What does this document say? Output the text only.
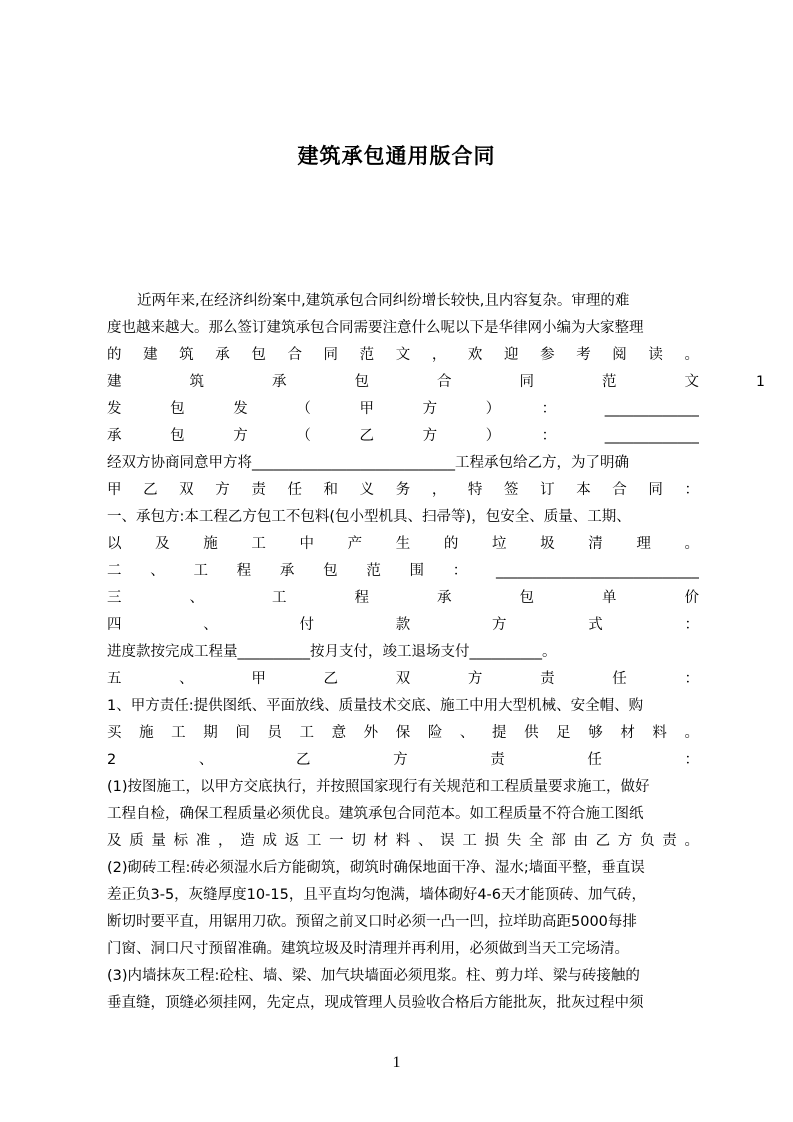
建筑承包通用版合同
近两年来,在经济纠纷案中,建筑承包合同纠纷增长较快,且内容复杂。审理的难
度也越来越大。那么签订建筑承包合同需要注意什么呢以下是华律网小编为大家整理
的建筑承包合同范文，欢迎参考阅读。
建筑承包合同范文
发包发（甲方）：_____________
承包方（乙方）：_____________
经双方协商同意甲方将____________________________工程承包给乙方，为了明确
甲乙双方责任和义务，特签订本合同：
一、承包方:本工程乙方包工不包料(包小型机具、扫帚等)，包安全、质量、工期、
以及施工中产生的垃圾清理。
二、工程承包范围：____________________________
三、工程承包单价
四、付款方式：
进度款按完成工程量__________按月支付，竣工退场支付__________。
五、甲乙双方责任：
1、甲方责任:提供图纸、平面放线、质量技术交底、施工中用大型机械、安全帽、购
买施工期间员工意外保险、提供足够材料。
2、乙方责任：
(1)按图施工，以甲方交底执行，并按照国家现行有关规范和工程质量要求施工，做好
工程自检，确保工程质量必须优良。建筑承包合同范本。如工程质量不符合施工图纸
及质量标准，造成返工一切材料、误工损失全部由乙方负责。
(2)砌砖工程:砖必须湿水后方能砌筑，砌筑时确保地面干净、湿水;墙面平整，垂直误
差正负3-5，灰缝厚度10-15，且平直均匀饱满，墙体砌好4-6天才能顶砖、加气砖，
断切时要平直，用锯用刀砍。预留之前叉口时必须一凸一凹，拉垟助高距5000每排
门窗、洞口尺寸预留准确。建筑垃圾及时清理并再利用，必须做到当天工完场清。
(3)内墙抹灰工程:砼柱、墙、梁、加气块墙面必须甩浆。柱、剪力垟、梁与砖接触的
垂直缝，顶缝必须挂网，先定点，现成管理人员验收合格后方能批灰，批灰过程中须
1
1
